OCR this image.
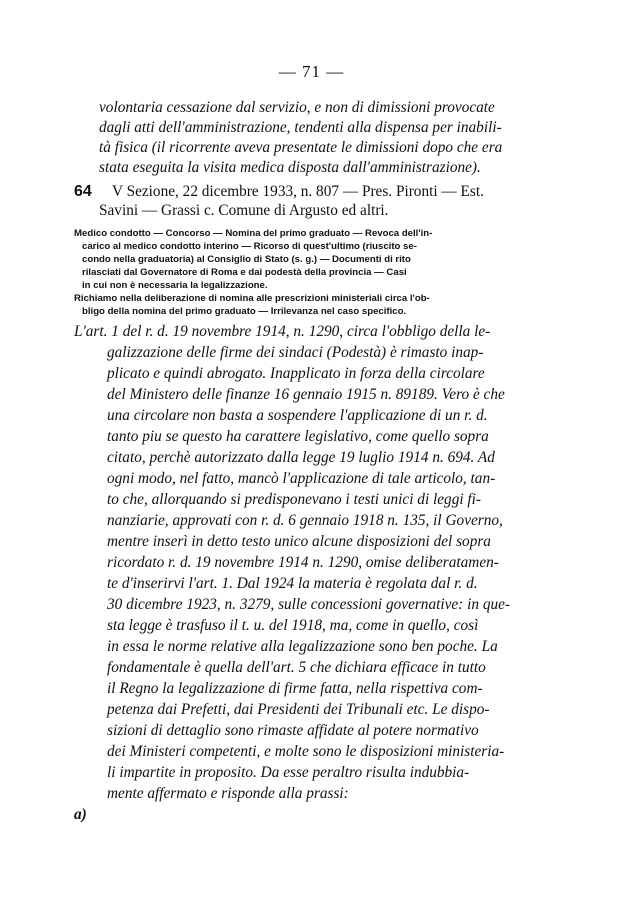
— 71 —
volontaria cessazione dal servizio, e non di dimissioni provocate
dagli atti dell'amministrazione, tendenti alla dispensa per inabili-
tà fisica (il ricorrente aveva presentate le dimissioni dopo che era
stata eseguita la visita medica disposta dall'amministrazione).
64 V Sezione, 22 dicembre 1933, n. 807 — Pres. Pironti — Est.
Savini — Grassi c. Comune di Argusto ed altri.
Medico condotto — Concorso — Nomina del primo graduato — Revoca dell'in-
carico al medico condotto interino — Ricorso di quest'ultimo (riuscito se-
condo nella graduatoria) al Consiglio di Stato (s. g.) — Documenti di rito
rilasciati dal Governatore di Roma e dai podestà della provincia — Casi
in cui non è necessaria la legalizzazione.
Richiamo nella deliberazione di nomina alle prescrizioni ministeriali circa l'ob-
bligo della nomina del primo graduato — Irrilevanza nel caso specifico.
L'art. 1 del r. d. 19 novembre 1914, n. 1290, circa l'obbligo della le-
galizzazione delle firme dei sindaci (Podestà) è rimasto inap-
plicato e quindi abrogato. Inapplicato in forza della circolare
del Ministero delle finanze 16 gennaio 1915 n. 89189. Vero è che
una circolare non basta a sospendere l'applicazione di un r. d.
tanto piu se questo ha carattere legislativo, come quello sopra
citato, perchè autorizzato dalla legge 19 luglio 1914 n. 694. Ad
ogni modo, nel fatto, mancò l'applicazione di tale articolo, tan-
to che, allorquando si predisponevano i testi unici di leggi fi-
nanziarie, approvati con r. d. 6 gennaio 1918 n. 135, il Governo,
mentre inserì in detto testo unico alcune disposizioni del sopra
ricordato r. d. 19 novembre 1914 n. 1290, omise deliberatamen-
te d'inserirvi l'art. 1. Dal 1924 la materia è regolata dal r. d.
30 dicembre 1923, n. 3279, sulle concessioni governative: in que-
sta legge è trasfuso il t. u. del 1918, ma, come in quello, così
in essa le norme relative alla legalizzazione sono ben poche. La
fondamentale è quella dell'art. 5 che dichiara efficace in tutto
il Regno la legalizzazione di firme fatta, nella rispettiva com-
petenza dai Prefetti, dai Presidenti dei Tribunali etc. Le dispo-
sizioni di dettaglio sono rimaste affidate al potere normativo
dei Ministeri competenti, e molte sono le disposizioni ministeria-
li impartite in proposito. Da esse peraltro risulta indubbia-
mente affermato e risponde alla prassi:
a)
